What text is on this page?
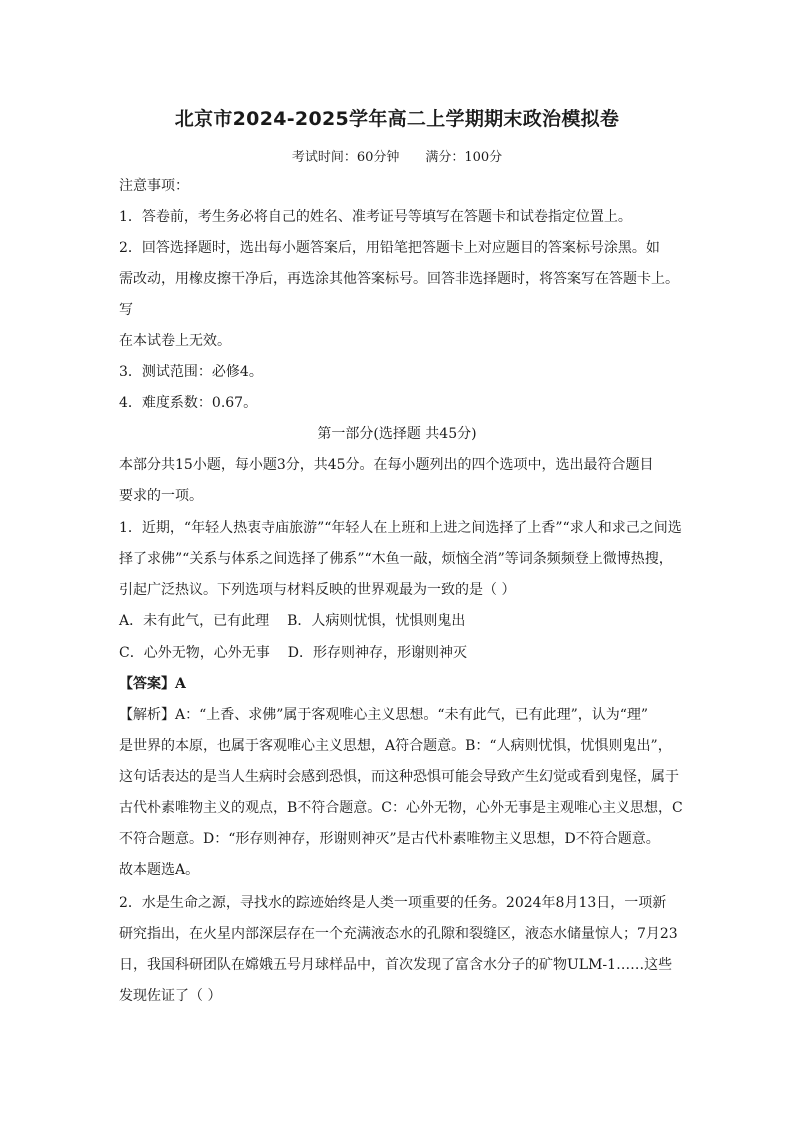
北京市2024-2025学年高二上学期期末政治模拟卷
考试时间：60分钟 满分：100分
注意事项：
1．答卷前，考生务必将自己的姓名、准考证号等填写在答题卡和试卷指定位置上。
2．回答选择题时，选出每小题答案后，用铅笔把答题卡上对应题目的答案标号涂黑。如
需改动，用橡皮擦干净后，再选涂其他答案标号。回答非选择题时，将答案写在答题卡上。
写
在本试卷上无效。
3．测试范围：必修4。
4．难度系数：0.67。
第一部分(选择题 共45分)
本部分共15小题，每小题3分，共45分。在每小题列出的四个选项中，选出最符合题目
要求的一项。
1．近期，“年轻人热衷寺庙旅游”“年轻人在上班和上进之间选择了上香”“求人和求己之间选
择了求佛”“关系与体系之间选择了佛系”“木鱼一敲，烦恼全消”等词条频频登上微博热搜，
引起广泛热议。下列选项与材料反映的世界观最为一致的是（ ）
A．未有此气，已有此理 B．人病则忧惧，忧惧则鬼出
C．心外无物，心外无事 D．形存则神存，形谢则神灭
【答案】A
【解析】A：“上香、求佛”属于客观唯心主义思想。“未有此气，已有此理”，认为“理”
是世界的本原，也属于客观唯心主义思想，A符合题意。B：“人病则忧惧，忧惧则鬼出”，
这句话表达的是当人生病时会感到恐惧，而这种恐惧可能会导致产生幻觉或看到鬼怪，属于
古代朴素唯物主义的观点，B不符合题意。C：心外无物，心外无事是主观唯心主义思想，C
不符合题意。D：“形存则神存，形谢则神灭”是古代朴素唯物主义思想，D不符合题意。
故本题选A。
2．水是生命之源，寻找水的踪迹始终是人类一项重要的任务。2024年8月13日，一项新
研究指出，在火星内部深层存在一个充满液态水的孔隙和裂缝区，液态水储量惊人；7月23
日，我国科研团队在嫦娥五号月球样品中，首次发现了富含水分子的矿物ULM-1……这些
发现佐证了（ ）
